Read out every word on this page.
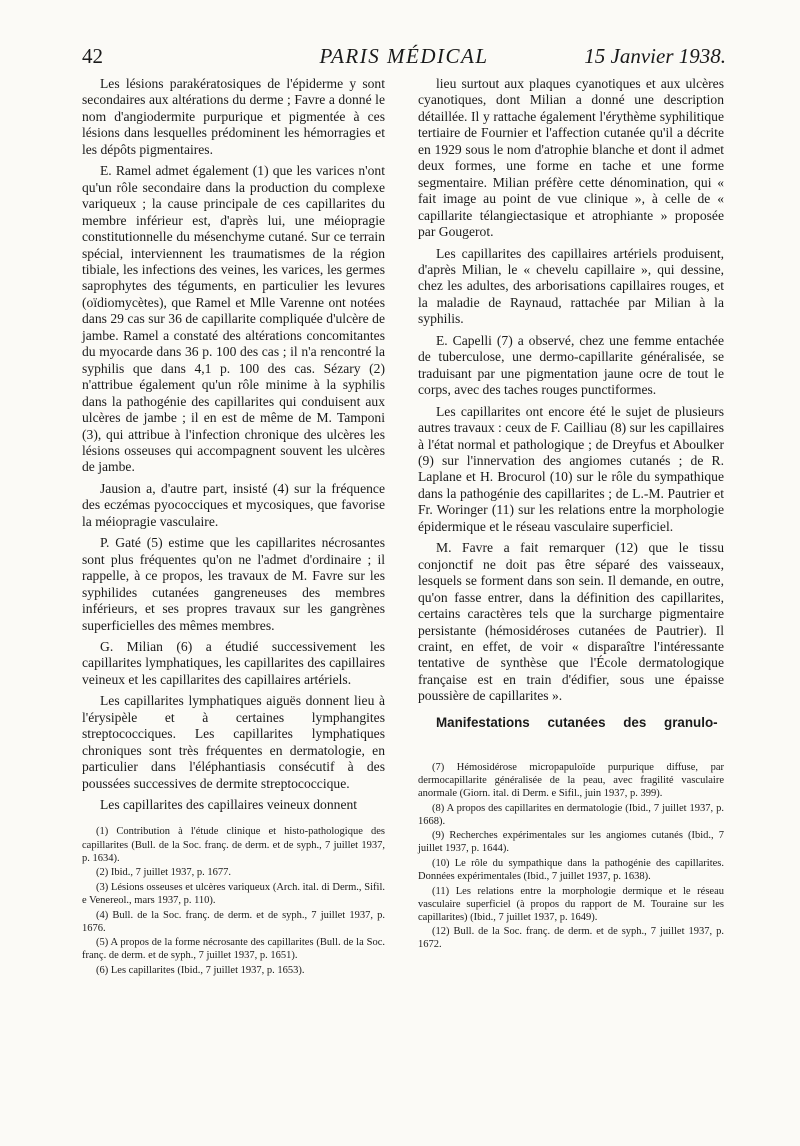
42	PARIS MÉDICAL	15 Janvier 1938.

Les lésions parakératosiques de l'épiderme y sont secondaires aux altérations du derme ; Favre a donné le nom d'angiodermite purpurique et pigmentée à ces lésions dans lesquelles prédominent les hémorragies et les dépôts pigmentaires.

E. Ramel admet également (1) que les varices n'ont qu'un rôle secondaire dans la production du complexe variqueux ; la cause principale de ces capillarites du membre inférieur est, d'après lui, une méiopragie constitutionnelle du mésenchyme cutané. Sur ce terrain spécial, interviennent les traumatismes de la région tibiale, les infections des veines, les varices, les germes saprophytes des téguments, en particulier les levures (oïdiomycètes), que Ramel et Mlle Varenne ont notées dans 29 cas sur 36 de capillarite compliquée d'ulcère de jambe. Ramel a constaté des altérations concomitantes du myocarde dans 36 p. 100 des cas ; il n'a rencontré la syphilis que dans 4,1 p. 100 des cas. Sézary (2) n'attribue également qu'un rôle minime à la syphilis dans la pathogénie des capillarites qui conduisent aux ulcères de jambe ; il en est de même de M. Tamponi (3), qui attribue à l'infection chronique des ulcères les lésions osseuses qui accompagnent souvent les ulcères de jambe.

Jausion a, d'autre part, insisté (4) sur la fréquence des eczémas pyococciques et mycosiques, que favorise la méiopragie vasculaire.

P. Gaté (5) estime que les capillarites nécrosantes sont plus fréquentes qu'on ne l'admet d'ordinaire ; il rappelle, à ce propos, les travaux de M. Favre sur les syphilides cutanées gangreneuses des membres inférieurs, et ses propres travaux sur les gangrènes superficielles des mêmes membres.

G. Milian (6) a étudié successivement les capillarites lymphatiques, les capillarites des capillaires veineux et les capillarites des capillaires artériels.

Les capillarites lymphatiques aiguës donnent lieu à l'érysipèle et à certaines lymphangites streptococciques. Les capillarites lymphatiques chroniques sont très fréquentes en dermatologie, en particulier dans l'éléphantiasis consécutif à des poussées successives de dermite streptococcique.

Les capillarites des capillaires veineux donnent

(1) Contribution à l'étude clinique et histo-pathologique des capillarites (Bull. de la Soc. franç. de derm. et de syph., 7 juillet 1937, p. 1634).
(2) Ibid., 7 juillet 1937, p. 1677.
(3) Lésions osseuses et ulcères variqueux (Arch. ital. di Derm., Sifil. e Venereol., mars 1937, p. 110).
(4) Bull. de la Soc. franç. de derm. et de syph., 7 juillet 1937, p. 1676.
(5) A propos de la forme nécrosante des capillarites (Bull. de la Soc. franç. de derm. et de syph., 7 juillet 1937, p. 1651).
(6) Les capillarites (Ibid., 7 juillet 1937, p. 1653).

lieu surtout aux plaques cyanotiques et aux ulcères cyanotiques, dont Milian a donné une description détaillée. Il y rattache également l'érythème syphilitique tertiaire de Fournier et l'affection cutanée qu'il a décrite en 1929 sous le nom d'atrophie blanche et dont il admet deux formes, une forme en tache et une forme segmentaire. Milian préfère cette dénomination, qui « fait image au point de vue clinique », à celle de « capillarite télangiectasique et atrophiante » proposée par Gougerot.

Les capillarites des capillaires artériels produisent, d'après Milian, le « chevelu capillaire », qui dessine, chez les adultes, des arborisations capillaires rouges, et la maladie de Raynaud, rattachée par Milian à la syphilis.

E. Capelli (7) a observé, chez une femme entachée de tuberculose, une dermo-capillarite généralisée, se traduisant par une pigmentation jaune ocre de tout le corps, avec des taches rouges punctiformes.

Les capillarites ont encore été le sujet de plusieurs autres travaux : ceux de F. Cailliau (8) sur les capillaires à l'état normal et pathologique ; de Dreyfus et Aboulker (9) sur l'innervation des angiomes cutanés ; de R. Laplane et H. Brocurol (10) sur le rôle du sympathique dans la pathogénie des capillarites ; de L.-M. Pautrier et Fr. Woringer (11) sur les relations entre la morphologie épidermique et le réseau vasculaire superficiel.

M. Favre a fait remarquer (12) que le tissu conjonctif ne doit pas être séparé des vaisseaux, lesquels se forment dans son sein. Il demande, en outre, qu'on fasse entrer, dans la définition des capillarites, certains caractères tels que la surcharge pigmentaire persistante (hémosidéroses cutanées de Pautrier). Il craint, en effet, de voir « disparaître l'intéressante tentative de synthèse que l'École dermatologique française est en train d'édifier, sous une épaisse poussière de capillarites ».

Manifestations cutanées des granulo-
(7) Hémosidérose micropapuloïde purpurique diffuse, par dermocapillarite généralisée de la peau, avec fragilité vasculaire anormale (Giorn. ital. di Derm. e Sifil., juin 1937, p. 399).
(8) A propos des capillarites en dermatologie (Ibid., 7 juillet 1937, p. 1668).
(9) Recherches expérimentales sur les angiomes cutanés (Ibid., 7 juillet 1937, p. 1644).
(10) Le rôle du sympathique dans la pathogénie des capillarites. Données expérimentales (Ibid., 7 juillet 1937, p. 1638).
(11) Les relations entre la morphologie dermique et le réseau vasculaire superficiel (à propos du rapport de M. Touraine sur les capillarites) (Ibid., 7 juillet 1937, p. 1649).
(12) Bull. de la Soc. franç. de derm. et de syph., 7 juillet 1937, p. 1672.
